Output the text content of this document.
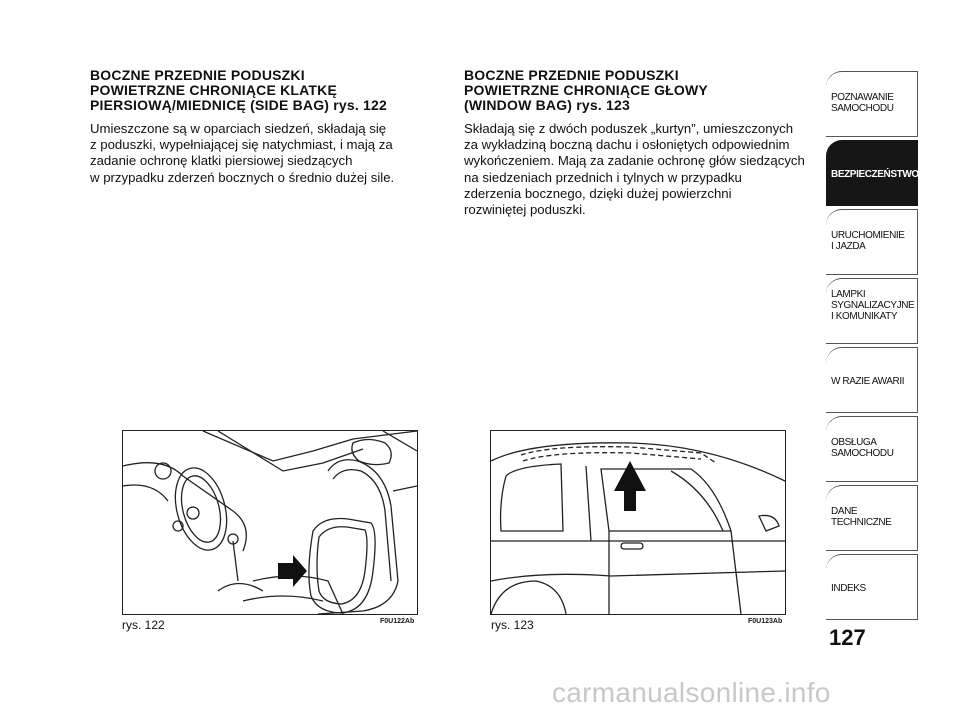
BOCZNE PRZEDNIE PODUSZKI
POWIETRZNE CHRONIĄCE KLATKĘ
PIERSIOWĄ/MIEDNICĘ (SIDE BAG) rys. 122

Umieszczone są w oparciach siedzeń, składają się
z poduszki, wypełniającej się natychmiast, i mają za
zadanie ochronę klatki piersiowej siedzących
w przypadku zderzeń bocznych o średnio dużej sile.

BOCZNE PRZEDNIE PODUSZKI
POWIETRZNE CHRONIĄCE GŁOWY
(WINDOW BAG) rys. 123

Składają się z dwóch poduszek „kurtyn”, umieszczonych
za wykładziną boczną dachu i osłoniętych odpowiednim
wykończeniem. Mają za zadanie ochronę głów siedzących
na siedzeniach przednich i tylnych w przypadku
zderzenia bocznego, dzięki dużej powierzchni
rozwiniętej poduszki.

rys. 122	F0U122Ab	rys. 123	F0U123Ab
POZNAWANIE
SAMOCHODU
BEZPIECZEŃSTWO
URUCHOMIENIE
I JAZDA
LAMPKI
SYGNALIZACYJNE
I KOMUNIKATY
W RAZIE AWARII
OBSŁUGA
SAMOCHODU
DANE
TECHNICZNE
INDEKS
127
carmanualsonline.info
